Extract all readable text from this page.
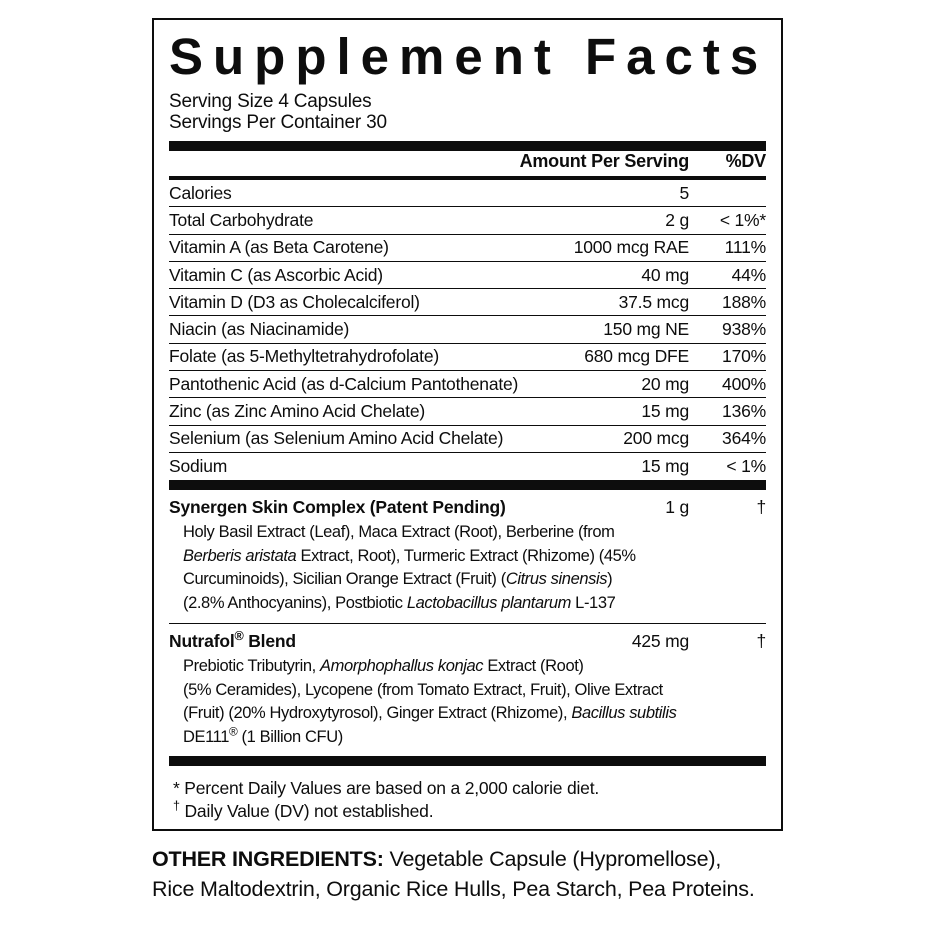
Supplement Facts
Serving Size 4 Capsules
Servings Per Container 30
Amount Per Serving	%DV
Calories	5
Total Carbohydrate	2 g	< 1%*
Vitamin A (as Beta Carotene)	1000 mcg RAE	111%
Vitamin C (as Ascorbic Acid)	40 mg	44%
Vitamin D (D3 as Cholecalciferol)	37.5 mcg	188%
Niacin (as Niacinamide)	150 mg NE	938%
Folate (as 5-Methyltetrahydrofolate)	680 mcg DFE	170%
Pantothenic Acid (as d-Calcium Pantothenate)	20 mg	400%
Zinc (as Zinc Amino Acid Chelate)	15 mg	136%
Selenium (as Selenium Amino Acid Chelate)	200 mcg	364%
Sodium	15 mg	< 1%
Synergen Skin Complex (Patent Pending)	1 g	†
Holy Basil Extract (Leaf), Maca Extract (Root), Berberine (from
Berberis aristata Extract, Root), Turmeric Extract (Rhizome) (45%
Curcuminoids), Sicilian Orange Extract (Fruit) (Citrus sinensis)
(2.8% Anthocyanins), Postbiotic Lactobacillus plantarum L-137
Nutrafol® Blend	425 mg	†
Prebiotic Tributyrin, Amorphophallus konjac Extract (Root)
(5% Ceramides), Lycopene (from Tomato Extract, Fruit), Olive Extract
(Fruit) (20% Hydroxytyrosol), Ginger Extract (Rhizome), Bacillus subtilis
DE111® (1 Billion CFU)
* Percent Daily Values are based on a 2,000 calorie diet.
† Daily Value (DV) not established.
OTHER INGREDIENTS: Vegetable Capsule (Hypromellose),
Rice Maltodextrin, Organic Rice Hulls, Pea Starch, Pea Proteins.
